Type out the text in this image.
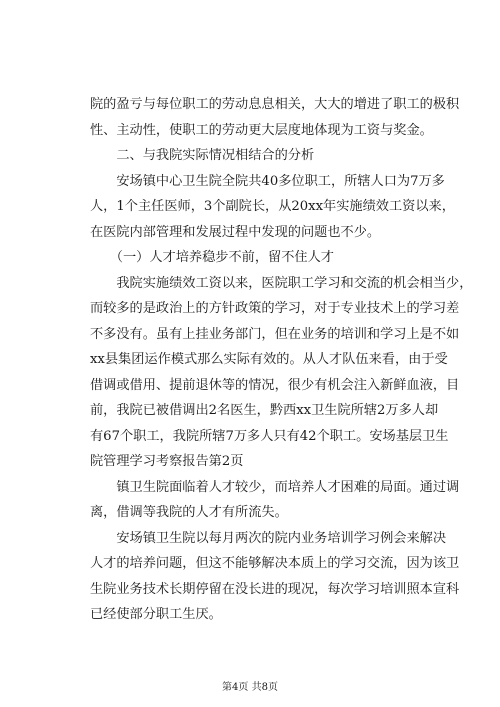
院的盈亏与每位职工的劳动息息相关，大大的增进了职工的极积
性、主动性，使职工的劳动更大层度地体现为工资与奖金。
　　二、与我院实际情况相结合的分析
　　安场镇中心卫生院全院共40多位职工，所辖人口为7万多
人，1个主任医师，3个副院长，从20xx年实施绩效工资以来，
在医院内部管理和发展过程中发现的问题也不少。
　　（一）人才培养稳步不前，留不住人才
　　我院实施绩效工资以来，医院职工学习和交流的机会相当少，
而较多的是政治上的方针政策的学习，对于专业技术上的学习差
不多没有。虽有上挂业务部门，但在业务的培训和学习上是不如
xx县集团运作模式那么实际有效的。从人才队伍来看，由于受
借调或借用、提前退休等的情况，很少有机会注入新鲜血液，目
前，我院已被借调出2名医生，黔西xx卫生院所辖2万多人却
有67个职工，我院所辖7万多人只有42个职工。安场基层卫生
院管理学习考察报告第2页
　　镇卫生院面临着人才较少，而培养人才困难的局面。通过调
离，借调等我院的人才有所流失。
　　安场镇卫生院以每月两次的院内业务培训学习例会来解决
人才的培养问题，但这不能够解决本质上的学习交流，因为该卫
生院业务技术长期停留在没长进的现况，每次学习培训照本宣科
已经使部分职工生厌。
第4页 共8页
